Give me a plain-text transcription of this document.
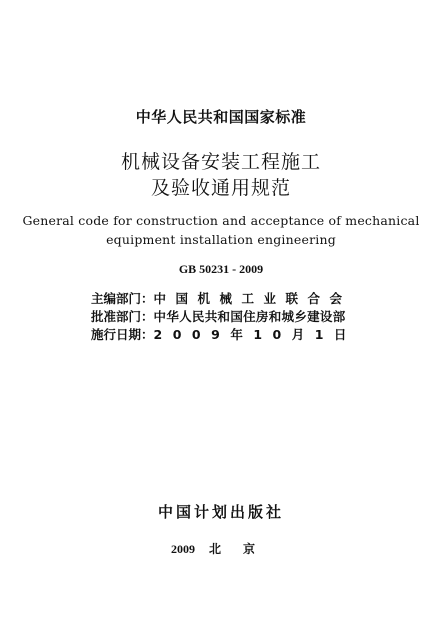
中华人民共和国国家标准
机械设备安装工程施工
及验收通用规范
General code for construction and acceptance of mechanical
equipment installation engineering
GB 50231 - 2009
主编部门 ： 中国机械工业联合会
批准部门 ： 中华人民共和国住房和城乡建设部
施行日期 ： 2009年10月1日
中国计划出版社
2009 北京
